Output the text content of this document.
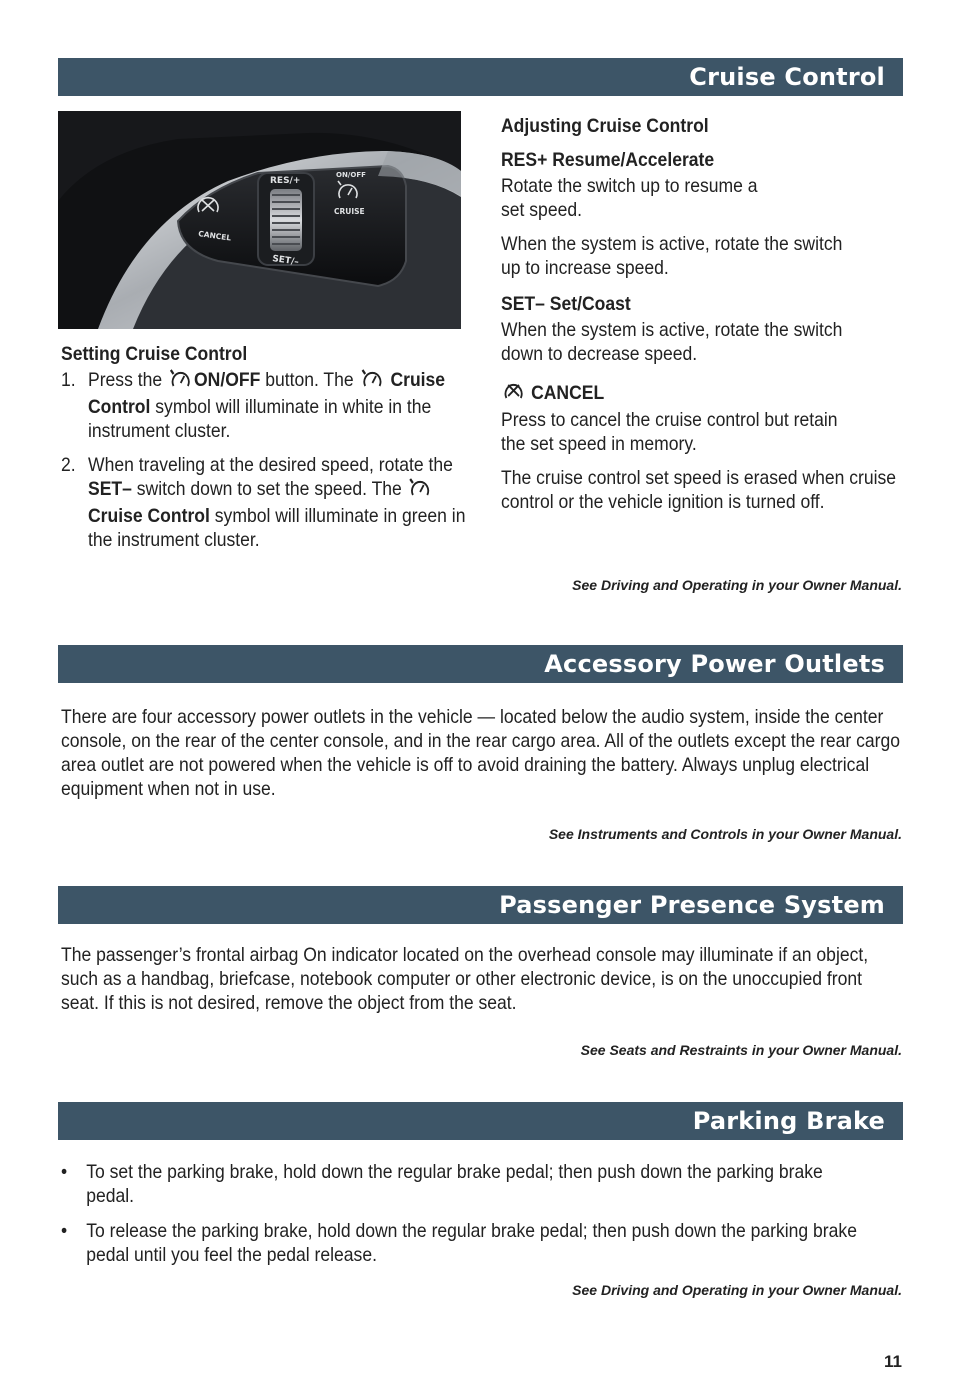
Cruise Control
RES/+
SET/–
CANCEL
ON/OFF
CRUISE
Setting Cruise Control
1. Press the ON/OFF button. The Cruise Control symbol will illuminate in white in the instrument cluster.
2. When traveling at the desired speed, rotate the SET– switch down to set the speed. The  Cruise Control symbol will illuminate in green in the instrument cluster.

Adjusting Cruise Control

RES+ Resume/Accelerate

Rotate the switch up to resume a set speed.

When the system is active, rotate the switch up to increase speed.

SET– Set/Coast

When the system is active, rotate the switch down to decrease speed.

CANCEL

Press to cancel the cruise control but retain the set speed in memory.

The cruise control set speed is erased when cruise control or the vehicle ignition is turned off.

See Driving and Operating in your Owner Manual.
Accessory Power Outlets
There are four accessory power outlets in the vehicle — located below the audio system, inside the center console, on the rear of the center console, and in the rear cargo area. All of the outlets except the rear cargo area outlet are not powered when the vehicle is off to avoid draining the battery. Always unplug electrical equipment when not in use.
See Instruments and Controls in your Owner Manual.
Passenger Presence System
The passenger’s frontal airbag On indicator located on the overhead console may illuminate if an object, such as a handbag, briefcase, notebook computer or other electronic device, is on the unoccupied front seat. If this is not desired, remove the object from the seat.
See Seats and Restraints in your Owner Manual.
Parking Brake
• To set the parking brake, hold down the regular brake pedal; then push down the parking brake pedal.
• To release the parking brake, hold down the regular brake pedal; then push down the parking brake pedal until you feel the pedal release.
See Driving and Operating in your Owner Manual.
11
